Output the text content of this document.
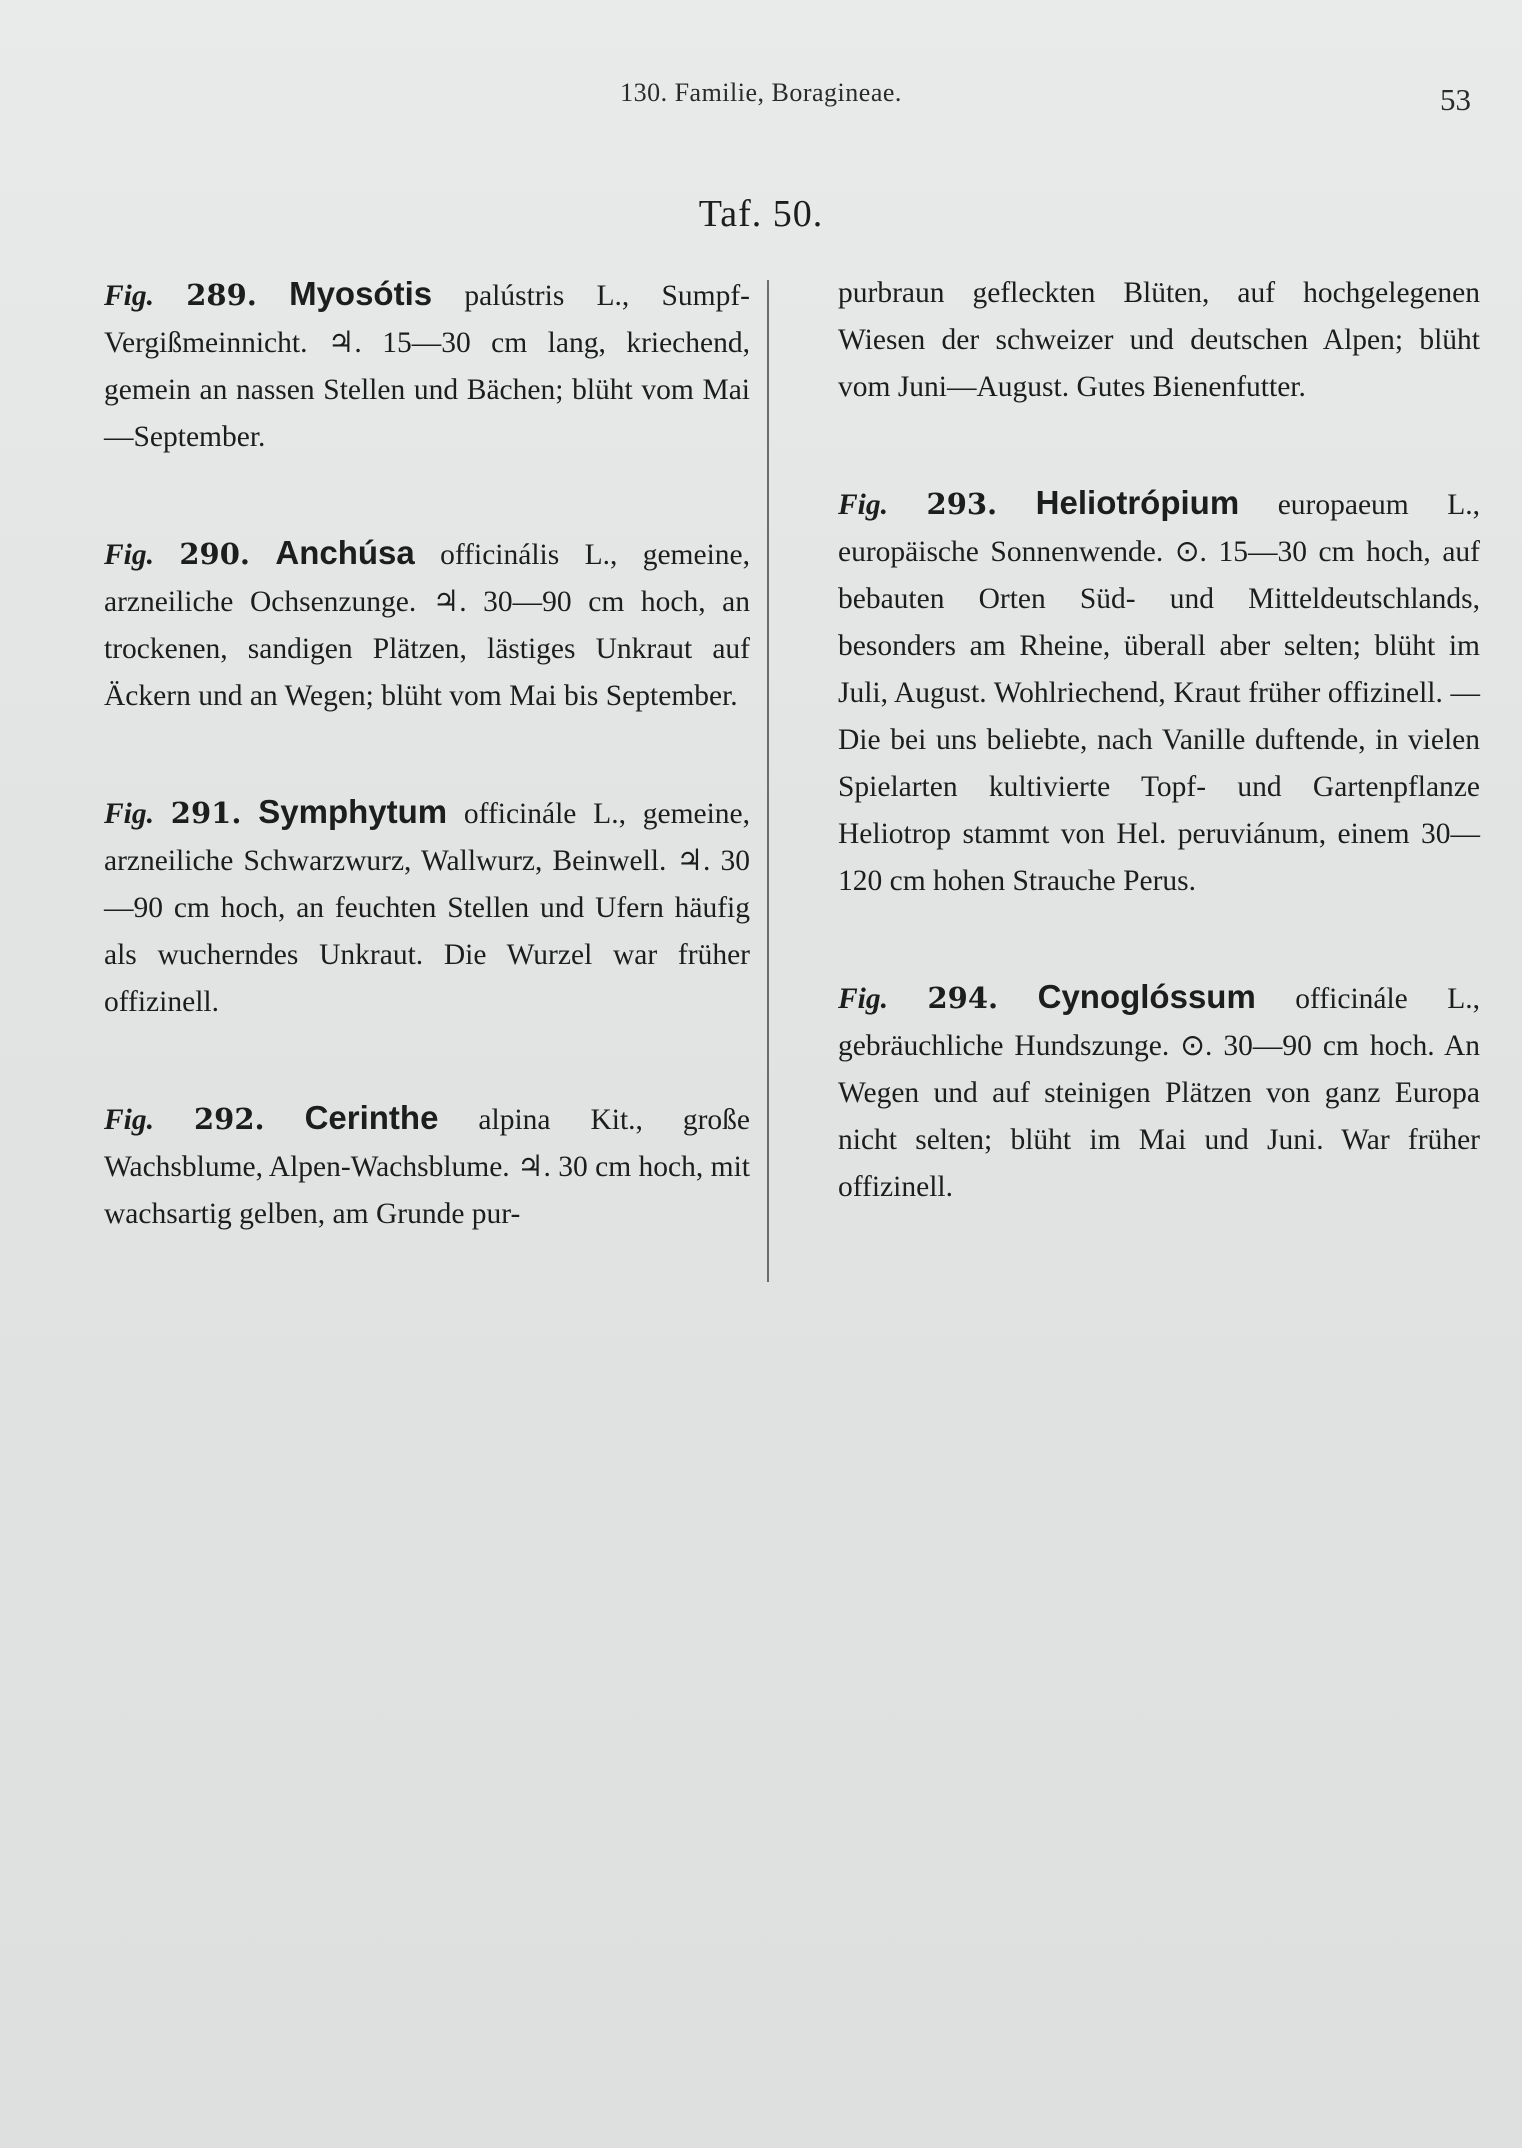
130. Familie, Boragineae.	53
Taf. 50.

Fig. 289. Myosótis palústris L., Sumpf-Vergißmeinnicht. ♃. 15—30 cm lang, kriechend, gemein an nassen Stellen und Bächen; blüht vom Mai—September.

Fig. 290. Anchúsa officinális L., gemeine, arzneiliche Ochsenzunge. ♃. 30—90 cm hoch, an trockenen, sandigen Plätzen, lästiges Unkraut auf Äckern und an Wegen; blüht vom Mai bis September.

Fig. 291. Symphytum officinále L., gemeine, arzneiliche Schwarzwurz, Wallwurz, Beinwell. ♃. 30—90 cm hoch, an feuchten Stellen und Ufern häufig als wucherndes Unkraut. Die Wurzel war früher offizinell.

Fig. 292. Cerinthe alpina Kit., große Wachsblume, Alpen-Wachsblume. ♃. 30 cm hoch, mit wachsartig gelben, am Grunde pur-

purbraun gefleckten Blüten, auf hochgelegenen Wiesen der schweizer und deutschen Alpen; blüht vom Juni—August. Gutes Bienenfutter.

Fig. 293. Heliotrópium europaeum L., europäische Sonnenwende. ⊙. 15—30 cm hoch, auf bebauten Orten Süd- und Mitteldeutschlands, besonders am Rheine, überall aber selten; blüht im Juli, August. Wohlriechend, Kraut früher offizinell. — Die bei uns beliebte, nach Vanille duftende, in vielen Spielarten kultivierte Topf- und Gartenpflanze Heliotrop stammt von Hel. peruviánum, einem 30—120 cm hohen Strauche Perus.

Fig. 294. Cynoglóssum officinále L., gebräuchliche Hundszunge. ⊙. 30—90 cm hoch. An Wegen und auf steinigen Plätzen von ganz Europa nicht selten; blüht im Mai und Juni. War früher offizinell.
